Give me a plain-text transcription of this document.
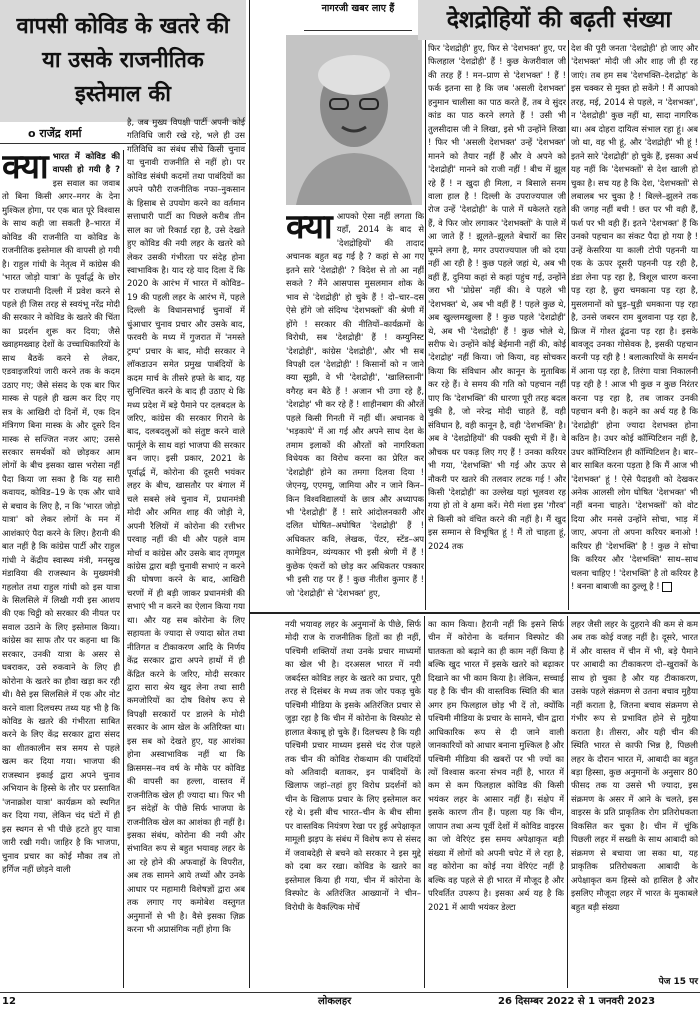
वापसी कोविड के खतरे की या उसके राजनीतिक इस्तेमाल की
ο राजेंद्र शर्मा
क्या भारत में कोविड की वापसी हो गयी है ? इस सवाल का जवाब तो बिना किसी अगर–मगर के देना मुश्किल होगा, पर एक बात पूरे विश्वास के साथ कही जा सकती है–भारत में कोविड की राजनीति या कोविड के राजनीतिक इस्तेमाल की वापसी हो गयी है। राहुल गांधी के नेतृत्व में कांग्रेस की 'भारत जोड़ो यात्रा' के पूर्वार्द्ध के छोर पर राजधानी दिल्ली में प्रवेश करने से पहले ही जिस तरह से स्वयंभू नरेंद्र मोदी की सरकार ने कोविड के खतरे की चिंता का प्रदर्शन शुरू कर दिया; जैसे ख्वाहमख्वाह देशों के उच्चाधिकारियों के साथ बैठकें करने से लेकर, एडवाइजरियां जारी करने तक के कदम उठाए गए; जैसे संसद के एक बार फिर मास्क से पहले ही खत्म कर दिए गए सत्र के आखिरी दो दिनों में, एक दिन मंत्रिगण बिना मास्क के और दूसरे दिन मास्क से सज्जित नजर आए; उससे सरकार समर्थकों को छोड़कर आम लोगों के बीच इसका खास भरोसा नहीं पैदा किया जा सका है कि यह सारी कवायद, कोविड–19 के एक और धावे से बचाव के लिए है, न कि 'भारत जोड़ो यात्रा' को लेकर लोगों के मन में आशंकाएं पैदा करने के लिए। हैरानी की बात नहीं है कि कांग्रेस पार्टी और राहुल गांधी ने केंद्रीय स्वास्थ्य मंत्री, मनसुख मंडाविया की राजस्थान के मुख्यमंत्री गहलोत तथा राहुल गांधी को इस यात्रा के सिलसिले में लिखी गयी इस आशय की एक चिट्ठी को सरकार की नीयत पर सवाल उठाने के लिए इस्तेमाल किया। कांग्रेस का साफ तौर पर कहना था कि सरकार, उनकी यात्रा के असर से घबराकर, उसे रुकवाने के लिए ही कोरोना के खतरे का हौवा खड़ा कर रही थी। वैसे इस सिलसिले में एक और नोट करने वाला दिलचस्प तथ्य यह भी है कि कोविड के खतरे की गंभीरता साबित करने के लिए केंद्र सरकार द्वारा संसद का शीतकालीन सत्र समय से पहले खत्म कर दिया गया। भाजपा की राजस्थान इकाई द्वारा अपने चुनाव अभियान के हिस्से के तौर पर प्रस्तावित 'जनाक्रोश यात्रा' कार्यक्रम को स्थगित कर दिया गया, लेकिन चंद घंटों में ही इस स्थगन से भी पीछे हटते हुए यात्रा जारी रखी गयी। जाहिर है कि भाजपा, चुनाव प्रचार का कोई मौका तब तो हर्गिज नहीं छोड़ने वाली
है, जब मुख्य विपक्षी पार्टी अपनी कोई गतिविधि जारी रखे रहे, भले ही उस गतिविधि का संबंध सीधे किसी चुनाव या चुनावी राजनीति से नहीं हो। पर कोविड संबंधी कदमों तथा पाबंदियों का अपने फौरी राजनीतिक नफा–नुकसान के हिसाब से उपयोग करने का वर्तमान सत्ताधारी पार्टी का पिछले करीब तीन साल का जो रिकार्ड रहा है, उसे देखते हुए कोविड की नयी लहर के खतरे को लेकर उसकी गंभीरता पर संदेह होना स्वाभाविक है। याद रहे याद दिला दें कि 2020 के आरंभ में भारत में कोविड–19 की पहली लहर के आरंभ में, पहले दिल्ली के विधानसभाई चुनावों में धुंआधार चुनाव प्रचार और उसके बाद, फरवरी के मध्य में गुजरात में 'नमस्ते ट्रम्प' प्रचार के बाद, मोदी सरकार ने लॉकडाउन समेत प्रमुख पाबंदियों के कदम मार्च के तीसरे हफ्ते के बाद, यह सुनिश्चित करने के बाद ही उठाए थे कि मध्य प्रदेश में बड़े पैमाने पर दलबदल के जरिए, कांग्रेस की सरकार गिराने के बाद, दलबदलुओं को संतुष्ट करने वाले फार्मूले के साथ वहां भाजपा की सरकार बन जाए। इसी प्रकार, 2021 के पूर्वार्द्ध में, कोरोना की दूसरी भयंकर लहर के बीच, खासतौर पर बंगाल में चले सबसे लंबे चुनाव में, प्रधानमंत्री मोदी और अमित शाह की जोड़ी ने, अपनी रैलियों में कोरोना की रत्तीभर परवाह नहीं की थी और पहले वाम मोर्चा व कांग्रेस और उसके बाद तृणमूल कांग्रेस द्वारा बड़ी चुनावी सभाएं न करने की घोषणा करने के बाद, आखिरी चरणों में ही बड़ी जाकर प्रधानमंत्री की सभाएं भी न करने का ऐलान किया गया था। और यह सब कोरोना के लिए सहायता के ज्यादा से ज्यादा स्रोत तथा नीतिगत व टीकाकरण आदि के निर्णय केंद्र सरकार द्वारा अपने हाथों में ही केंद्रित करने के जरिए, मोदी सरकार द्वारा सारा श्रेय खुद लेना तथा सारी कमजोरियों का दोष विशेष रूप से विपक्षी सरकारों पर डालने के मोदी सरकार के आम खेल के अतिरिक्त था। इस सब को देखते हुए, यह आशंका होना अस्वाभाविक नहीं था कि क्रिसमस–नव वर्ष के मौके पर कोविड की वापसी का हल्ला, वास्तव में राजनीतिक खेल ही ज्यादा था। फिर भी इन संदेहों के पीछे सिर्फ भाजपा के राजनीतिक खेल का आशंका ही नहीं है। इसका संबंध, कोरोना की नयी और संभावित रूप से बहुत भयावह लहर के आ रहे होने की अफवाहों के विपरीत, अब तक सामने आये तथ्यों और उनके आधार पर महामारी विशेषज्ञों द्वारा अब तक लगाए गए कमोबेश वस्तुगत अनुमानों से भी है। वैसे इसका ज़िक्र करना भी अप्रासंगिक नहीं होगा कि
नागरजी खबर लाए हैं	देशद्रोहियों की बढ़ती संख्या
क्या आपको ऐसा नहीं लगता कि यहाँ, 2014 के बाद से 'देशद्रोहियों' की तादाद अचानक बहुत बढ़ गई है ? कहां से आ गए इतने सारे 'देशद्रोही' ? विदेश से तो आ नहीं सकते ? मैंने आसपास मुसलमान शोक के भाव से 'देशद्रोही' हो चुके हैं ! दो–चार–दस ऐसे होंगे जो संदिग्ध 'देशभक्तों' की श्रेणी में होंगे ! सरकार की नीतियों–कार्यक्रमों के विरोधी, सब 'देशद्रोही' हैं ! कम्युनिस्ट 'देशद्रोही', कांग्रेस 'देशद्रोही', और भी सब विपक्षी दल 'देशद्रोही' ! किसानों को न जाने क्या सूझी, वे भी 'देशद्रोही', 'खालिस्तानी' वगैरह बन बैठे हैं ! अजान भी उगा रहे हैं, 'देशद्रोह' भी कर रहे हैं ! शाहीनबाग की औरतें पहले किसी गिनती में नहीं थीं। अचानक वे 'भड़काये' में आ गई और अपने साथ देश के तमाम इलाकों की औरतों को नागरिकता विधेयक का विरोध करना का प्रेरित कर 'देशद्रोही' होने का तमगा दिलवा दिया ! जेएनयू, एएमयू, जामिया और न जाने किन–किन विश्वविद्यालयों के छात्र और अध्यापक भी 'देशद्रोही' हैं ! सारे आंदोलनकारी और दलित घोषित–अघोषित 'देशद्रोही' हैं ! अधिकतर कवि, लेखक, पेंटर, स्टेंड–अप कामेडियन, व्यंग्यकार भी इसी श्रेणी में हैं ! कुछेक एंकरों को छोड़ कर अधिकतर पत्रकार भी इसी राह पर हैं ! कुछ नीतीश कुमार हैं ! जो 'देशद्रोही' से 'देशभक्त' हुए,
फिर 'देशद्रोही' हुए, फिर से 'देशभक्त' हुए, पर फिलहाल 'देशद्रोही' हैं ! कुछ केजरीवाल जी की तरह हैं ! मन–प्राण से 'देशभक्त' ! हैं ! फर्क इतना सा है कि जब 'असली देशभक्त' हनुमान चालीसा का पाठ करते हैं, तब वे सुंदर कांड का पाठ करने लगते हैं ! उसी भी तुलसीदास जी ने लिखा, इसे भी उन्होंने लिखा ! फिर भी 'असली देशभक्त' उन्हें 'देशभक्त' मानने को तैयार नहीं हैं और वे अपने को 'देशद्रोही' मानने को राजी नहीं ! बीच में झूल रहे हैं ! न खुदा ही मिला, न बिसाले सनम वाला हाल है ! दिल्ली के उपराज्यपाल जी रोज उन्हें 'देशद्रोही' के पाले में धकेलते रहते हैं, वे फिर जोर लगाकर 'देशभक्तों' के पाले में आ जाते हैं ! झूलते–झूलते बेचारों का सिर घूमने लगा है, मगर उपराज्यपाल जी को दया नहीं आ रही है ! कुछ पहले जहां थे, अब भी वहीं हैं, दुनिया कहां से कहां पहुंच गई, उन्होंने जरा भी 'प्रोग्रेस' नहीं की। वे पहले भी 'देशभक्त' थे, अब भी वहीं हैं ! पहले कुछ थे, अब खुल्लमखुल्ला हैं ! कुछ पहले 'देशद्रोही' थे, अब भी 'देशद्रोही' हैं ! कुछ भोले थे, सरीफ थे। उन्होंने कोई बेईमानी नहीं की, कोई 'देशद्रोह' नहीं किया। जो किया, वह सोचकर किया कि संविधान और कानून के मुताबिक कर रहे हैं। वे समय की गति को पहचान नहीं पाए कि 'देशभक्ति' की धारणा पूरी तरह बदल चुकी है, जो नरेन्द्र मोदी चाहते हैं, वही संविधान है, वही कानून है, वही 'देशभक्ति' है। अब वे 'देशद्रोहियों' की पक्की सूची में हैं। वे औचक धर पकड़ लिए गए हैं ! उनका करियर भी गया, 'देशभक्ति' भी गई और ऊपर से नौकरी पर खतरे की तलवार लटक गई ! और किसी 'देशद्रोही' का उल्लेख यहां भूलवश रह गया हो तो वे क्षमा करें। मेरी मंशा इस 'गौरव' से किसी को वंचित करने की नहीं है। मैं खुद इस सम्मान से विभूषित हूं ! मैं तो चाहता हूं, 2024 तक
देश की पूरी जनता 'देशद्रोही' हो जाए और 'देशभक्त' मोदी जी और शाह जी ही रह जाएं। तब हम सब 'देशभक्ति–देशद्रोह' के इस चक्कर से मुक्त हो सकेंगे ! मैं आपको तरह, मई, 2014 से पहले, न 'देशभक्त', न 'देशद्रोही' कुछ नहीं था, सादा नागरिक था। अब दोहरा दायित्व संभाल रहा हूं। अब जो था, वह भी हूं, और 'देशद्रोही' भी हूं ! इतने सारे 'देशद्रोही' हो चुके हैं, इसका अर्थ यह नहीं कि 'देशभक्तों' से देश खाली हो चुका है। सच यह है कि देश, 'देशभक्तों' से लबालब भर चुका है ! बिल्ले–झुलने तक की जगह नहीं बची ! छत पर भी वही हैं, फर्श पर भी वही हैं। इतने 'देशभक्त' हैं कि उनको पहचान का संकट पैदा हो गया है ! उन्हें केसरिया या काली टोपी पहननी या एक के ऊपर दूसरी पहननी पड़ रही है, डंडा लेना पड़ रहा है, त्रिशूल धारण करना पड़ रहा है, छुरा चमकाना पड़ रहा है, मुसलमानों को घुड़–घुड़ी धमकाना पड़ रहा है, उनसे जबरन राम बुलवाना पड़ रहा है, फ्रिज में गोश्त ढूंढना पड़ रहा है। इसके बावजूद उनका गोसेवक है, इसकी पहचान करनी पड़ रही है ! बलात्कारियों के समर्थन में आना पड़ रहा है, तिरंगा यात्रा निकालनी पड़ रही है ! आज भी कुछ न कुछ निरंतर करना पड़ रहा है, तब जाकर उनकी पहचान बनी है। कहने का अर्थ यह है कि 'देशद्रोही' होना ज्यादा देशभक्त होना कठिन है। उधर कोई कॉम्पिटिशन नहीं है, उधर कॉम्पिटिशन ही कॉम्पिटिशन है। बार–बार साबित करना पड़ता है कि मैं आज भी 'देशभक्त' हूं ! ऐसे पैदाइशी को देखकर अनेक आलसी लोग घोषित 'देशभक्त' भी नहीं बनना चाहते। 'देशभक्तों' को वोट दिया और मनसे उन्होंने सोचा, भाड़ में जाए, अपना तो अपना करियर बनाओ ! करियर ही 'देशभक्ति' है ! कुछ ने सोचा कि करियर और 'देशभक्ति' साथ–साथ चलना चाहिए ! 'देशभक्ति' है तो करियर है ! बनना बाबाजी का ठुल्लू है !
नयी भयावह लहर के अनुमानों के पीछे, सिर्फ मोदी राज के राजनीतिक हितों का ही नहीं, पश्चिमी शक्तियों तथा उनके प्रचार माध्यमों का खेल भी है। दरअसल भारत में नयी जबर्दस्त कोविड लहर के खतरे का प्रचार, पूरी तरह से दिसंबर के मध्य तक जोर पकड़ चुके पश्चिमी मीडिया के इसके अतिरंजित प्रचार से जुड़ा रहा है कि चीन में कोरोना के विस्फोट से हालात बेकाबू हो चुके हैं। दिलचस्प है कि यही पश्चिमी प्रचार माध्यम इससे चंद रोज पहले तक चीन की कोविड रोकथाम की पाबंदियों को अतिवादी बताकर, इन पाबंदियों के खिलाफ जहां–तहां हुए विरोध प्रदर्शनों को चीन के खिलाफ प्रचार के लिए इस्तेमाल कर रहे थे। इसी बीच भारत–चीन के बीच सीमा पर वास्तविक नियंत्रण रेखा पर हुई अपेक्षाकृत मामूली झड़प के संबंध में विशेष रूप से संसद में जवाबदेही से बचने को सरकार ने इस मुद्दे को दबा कर रखा। कोविड के खतरे का इस्तेमाल किया ही गया, चीन में कोरोना के विस्फोट के अतिरंजित आख्यानों ने चीन–विरोधी के वैकल्पिक मोर्चे
का काम किया। हैरानी नहीं कि इसने सिर्फ चीन में कोरोना के वर्तमान विस्फोट की घातकता को बढ़ाने का ही काम नहीं किया है बल्कि खुद भारत में इसके खतरे को बढ़ाकर दिखाने का भी काम किया है। लेकिन, सच्चाई यह है कि चीन की वास्तविक स्थिति की बात अगर हम फिलहाल छोड़ भी दें तो, क्योंकि पश्चिमी मीडिया के प्रचार के सामने, चीन द्वारा आधिकारिक रूप से दी जाने वाली जानकारियों को आधार बनाना मुश्किल है और पश्चिमी मीडिया की खबरों पर भी ज्यों का त्यों विश्वास करना संभव नहीं है, भारत में कम से कम फिलहाल कोविड की किसी भयंकर लहर के आसार नहीं हैं। संक्षेप में इसके कारण तीन हैं। पहला यह कि चीन, जापान तथा अन्य पूर्वी देशों में कोविड वाइरस का जो वेरिएंट इस समय अपेक्षाकृत बड़ी संख्या में लोगों को अपनी चपेट में ले रहा है, वह कोरोना का कोई नया वेरिएंट नहीं है बल्कि वह पहले से ही भारत में मौजूद है और परिवर्तित उपरूप है। इसका अर्थ यह है कि 2021 में आयी भयंकर डेल्टा
लहर जैसी लहर के दुहराने की कम से कम अब तक कोई वजह नहीं है। दूसरे, भारत में और वास्तव में चीन में भी, बड़े पैमाने पर आबादी का टीकाकरण दो–खुराकों के साथ हो चुका है और यह टीकाकरण, उसके पहले संक्रमण से उतना बचाव मुहैया नहीं कराता है, जितना बचाव संक्रमण से गंभीर रूप से प्रभावित होने से मुहैया कराता है। तीसरा, और यही चीन की स्थिति भारत से काफी भिन्न है, पिछली लहर के दौरान भारत में, आबादी का बहुत बड़ा हिस्सा, कुछ अनुमानों के अनुसार 80 फीसद तक या उससे भी ज्यादा, इस संक्रमण के असर में आने के चलते, इस वाइरस के प्रति प्राकृतिक रोग प्रतिरोधकता विकसित कर चुका है। चीन में चूंकि पिछली लहर में सख्ती के साथ आबादी को संक्रमण से बचाया जा सका था, यह प्राकृतिक प्रतिरोधकता आबादी के अपेक्षाकृत कम हिस्से को हासिल है और इसलिए मौजूदा लहर में भारत के मुकाबले बहुत बड़ी संख्या
पेज 15 पर
12	लोकलहर	26 दिसम्बर 2022 से 1 जनवरी 2023
